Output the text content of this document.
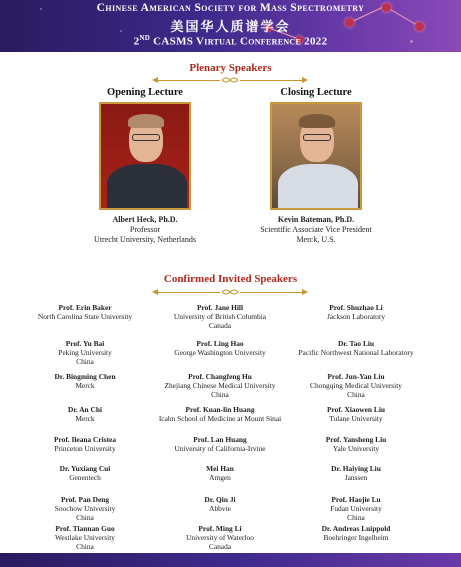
Chinese American Society for Mass Spectrometry
美国华人质谱学会
2ND CASMS Virtual Conference 2022
Plenary Speakers
Opening Lecture
Albert Heck, Ph.D.
Professor
Utrecht University, Netherlands
Closing Lecture
Kevin Bateman, Ph.D.
Scientific Associate Vice President
Merck, U.S.
Confirmed Invited Speakers
Prof. Erin Baker
North Carolina State University
Prof. Jane Hill
University of British Columbia
Canada
Prof. Shuzhao Li
Jackson Laboratory
Prof. Yu Bai
Peking University
China
Prof. Ling Hao
George Washington University
Dr. Tao Liu
Pacific Northwest National Laboratory
Dr. Bingming Chen
Merck
Prof. Changfeng Hu
Zhejiang Chinese Medical University
China
Prof. Jun-Yan Liu
Chongqing Medical University
China
Dr. An Chi
Merck
Prof. Kuan-lin Huang
Icahn School of Medicine at Mount Sinai
Prof. Xiaowen Liu
Tulane University
Prof. Ileana Cristea
Princeton University
Prof. Lan Huang
University of California-Irvine
Prof. Yansheng Liu
Yale University
Dr. Yuxiang Cui
Genentech
Mei Han
Amgen
Dr. Haiying Liu
Janssen
Prof. Pan Deng
Soochow University
China
Dr. Qin Ji
Abbvie
Prof. Haojie Lu
Fudan University
China
Prof. Tiannan Guo
Westlake University
China
Prof. Ming Li
University of Waterloo
Canada
Dr. Andreas Luippold
Boehringer Ingelheim
